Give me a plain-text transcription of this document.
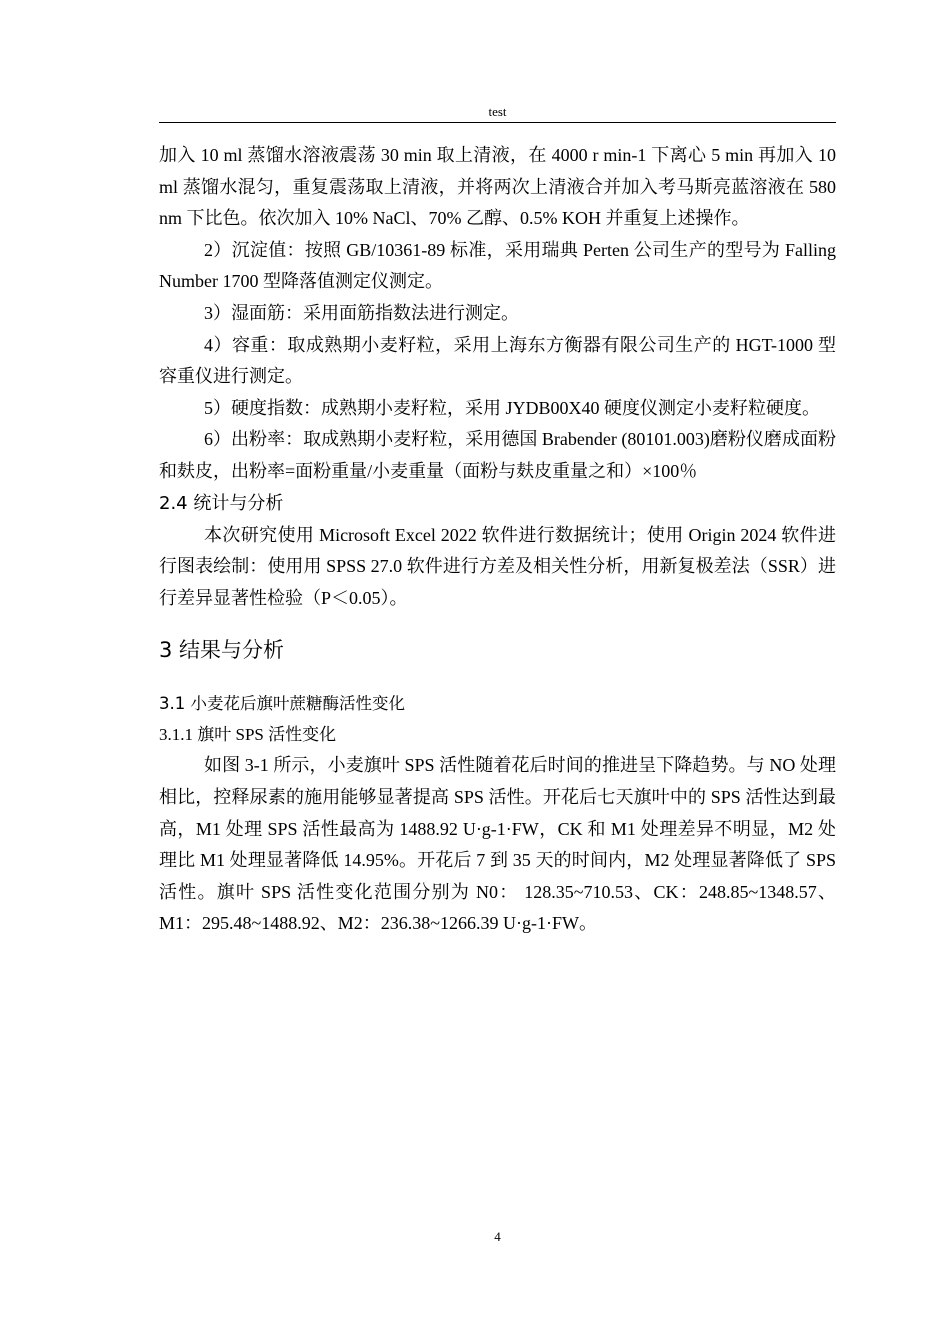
test

加入 10 ml 蒸馏水溶液震荡 30 min 取上清液，在 4000 r min-1 下离心 5 min 再加入 10 ml 蒸馏水混匀，重复震荡取上清液，并将两次上清液合并加入考马斯亮蓝溶液在 580 nm 下比色。依次加入 10% NaCl、70% 乙醇、0.5% KOH 并重复上述操作。

2）沉淀值：按照 GB/10361-89 标准，采用瑞典 Perten 公司生产的型号为 Falling Number 1700 型降落值测定仪测定。

3）湿面筋：采用面筋指数法进行测定。

4）容重：取成熟期小麦籽粒，采用上海东方衡器有限公司生产的 HGT-1000 型容重仪进行测定。

5）硬度指数：成熟期小麦籽粒，采用 JYDB00X40 硬度仪测定小麦籽粒硬度。

6）出粉率：取成熟期小麦籽粒，采用德国 Brabender (80101.003)磨粉仪磨成面粉和麸皮，出粉率=面粉重量/小麦重量（面粉与麸皮重量之和）×100％

2.4 统计与分析

本次研究使用 Microsoft Excel 2022 软件进行数据统计；使用 Origin 2024 软件进行图表绘制：使用用 SPSS 27.0 软件进行方差及相关性分析，用新复极差法（SSR）进行差异显著性检验（P＜0.05）。

3 结果与分析
3.1 小麦花后旗叶蔗糖酶活性变化
3.1.1 旗叶 SPS 活性变化

如图 3-1 所示，小麦旗叶 SPS 活性随着花后时间的推进呈下降趋势。与 NO 处理相比，控释尿素的施用能够显著提高 SPS 活性。开花后七天旗叶中的 SPS 活性达到最高，M1 处理 SPS 活性最高为 1488.92 U·g-1·FW，CK 和 M1 处理差异不明显，M2 处理比 M1 处理显著降低 14.95%。开花后 7 到 35 天的时间内，M2 处理显著降低了 SPS 活性。旗叶 SPS 活性变化范围分别为 N0： 128.35~710.53、CK：248.85~1348.57、M1：295.48~1488.92、M2：236.38~1266.39 U·g-1·FW。

4
